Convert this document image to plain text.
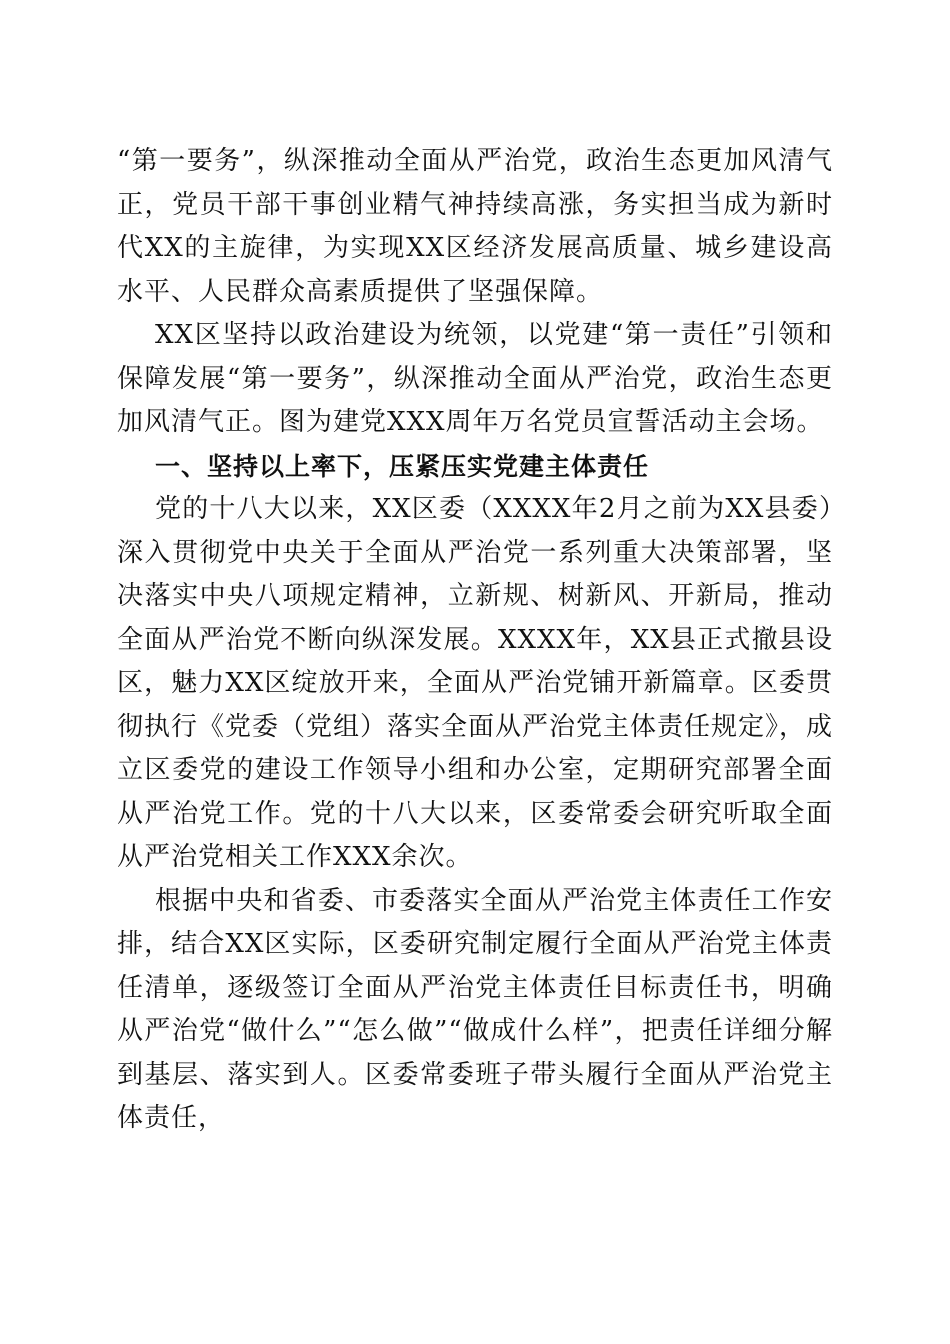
“第一要务”，纵深推动全面从严治党，政治生态更加风清气正，党员干部干事创业精气神持续高涨，务实担当成为新时代XX的主旋律，为实现XX区经济发展高质量、城乡建设高水平、人民群众高素质提供了坚强保障。

XX区坚持以政治建设为统领，以党建“第一责任”引领和保障发展“第一要务”，纵深推动全面从严治党，政治生态更加风清气正。图为建党XXX周年万名党员宣誓活动主会场。

一、坚持以上率下，压紧压实党建主体责任

党的十八大以来，XX区委（XXXX年2月之前为XX县委）深入贯彻党中央关于全面从严治党一系列重大决策部署，坚决落实中央八项规定精神，立新规、树新风、开新局，推动全面从严治党不断向纵深发展。XXXX年，XX县正式撤县设区，魅力XX区绽放开来，全面从严治党铺开新篇章。区委贯彻执行《党委（党组）落实全面从严治党主体责任规定》，成立区委党的建设工作领导小组和办公室，定期研究部署全面从严治党工作。党的十八大以来，区委常委会研究听取全面从严治党相关工作XXX余次。

根据中央和省委、市委落实全面从严治党主体责任工作安排，结合XX区实际，区委研究制定履行全面从严治党主体责任清单，逐级签订全面从严治党主体责任目标责任书，明确从严治党“做什么”“怎么做”“做成什么样”，把责任详细分解到基层、落实到人。区委常委班子带头履行全面从严治党主体责任，
